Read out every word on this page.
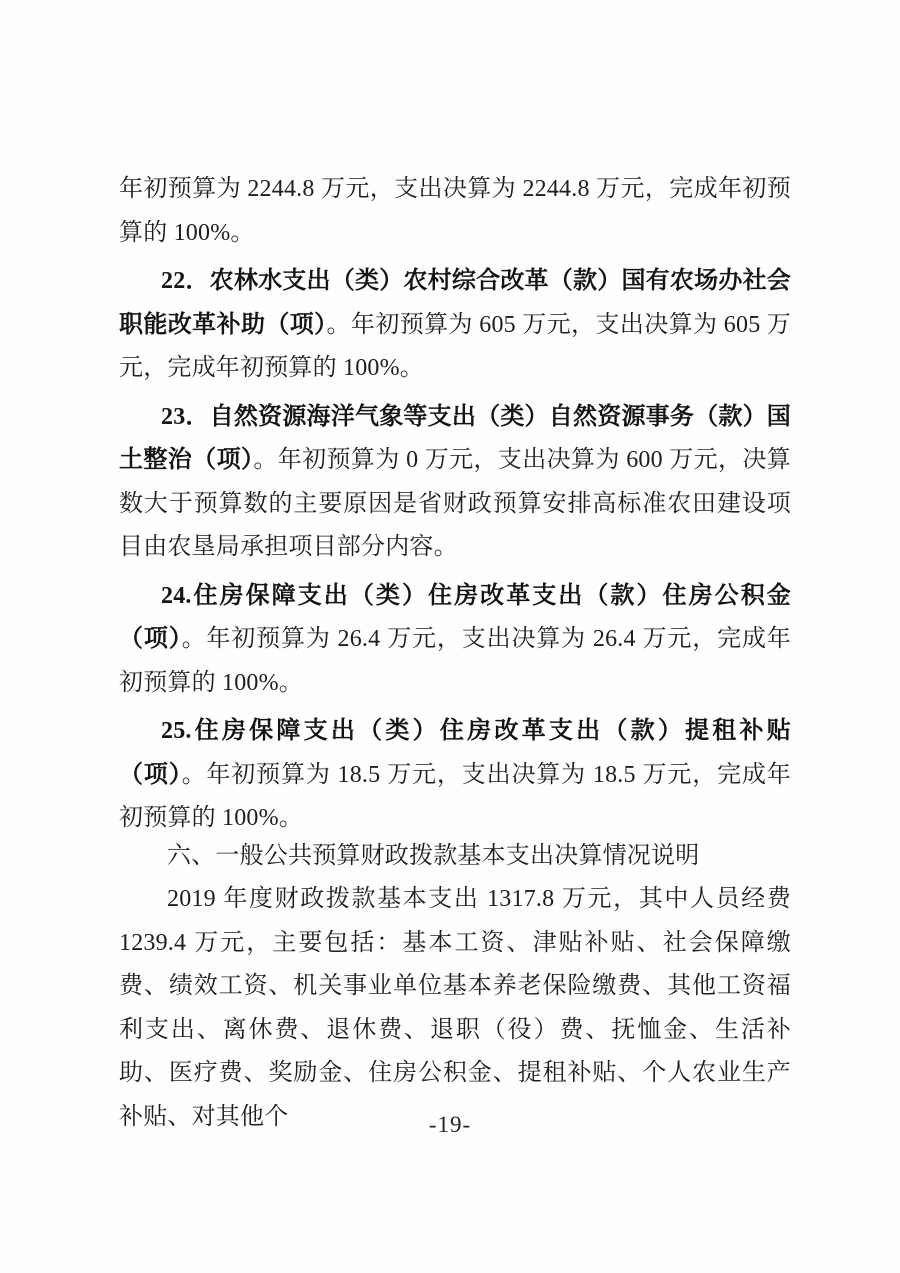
年初预算为 2244.8 万元，支出决算为 2244.8 万元，完成年初预算的 100%。

22．农林水支出（类）农村综合改革（款）国有农场办社会职能改革补助（项）。年初预算为 605 万元，支出决算为 605 万元，完成年初预算的 100%。

23．自然资源海洋气象等支出（类）自然资源事务（款）国土整治（项）。年初预算为 0 万元，支出决算为 600 万元，决算数大于预算数的主要原因是省财政预算安排高标准农田建设项目由农垦局承担项目部分内容。

24.住房保障支出（类）住房改革支出（款）住房公积金（项）。年初预算为 26.4 万元，支出决算为 26.4 万元，完成年初预算的 100%。

25.住房保障支出（类）住房改革支出（款）提租补贴（项）。年初预算为 18.5 万元，支出决算为 18.5 万元，完成年初预算的 100%。

六、一般公共预算财政拨款基本支出决算情况说明

2019 年度财政拨款基本支出 1317.8 万元，其中人员经费 1239.4 万元，主要包括：基本工资、津贴补贴、社会保障缴费、绩效工资、机关事业单位基本养老保险缴费、其他工资福利支出、离休费、退休费、退职（役）费、抚恤金、生活补助、医疗费、奖励金、住房公积金、提租补贴、个人农业生产补贴、对其他个	-19-
